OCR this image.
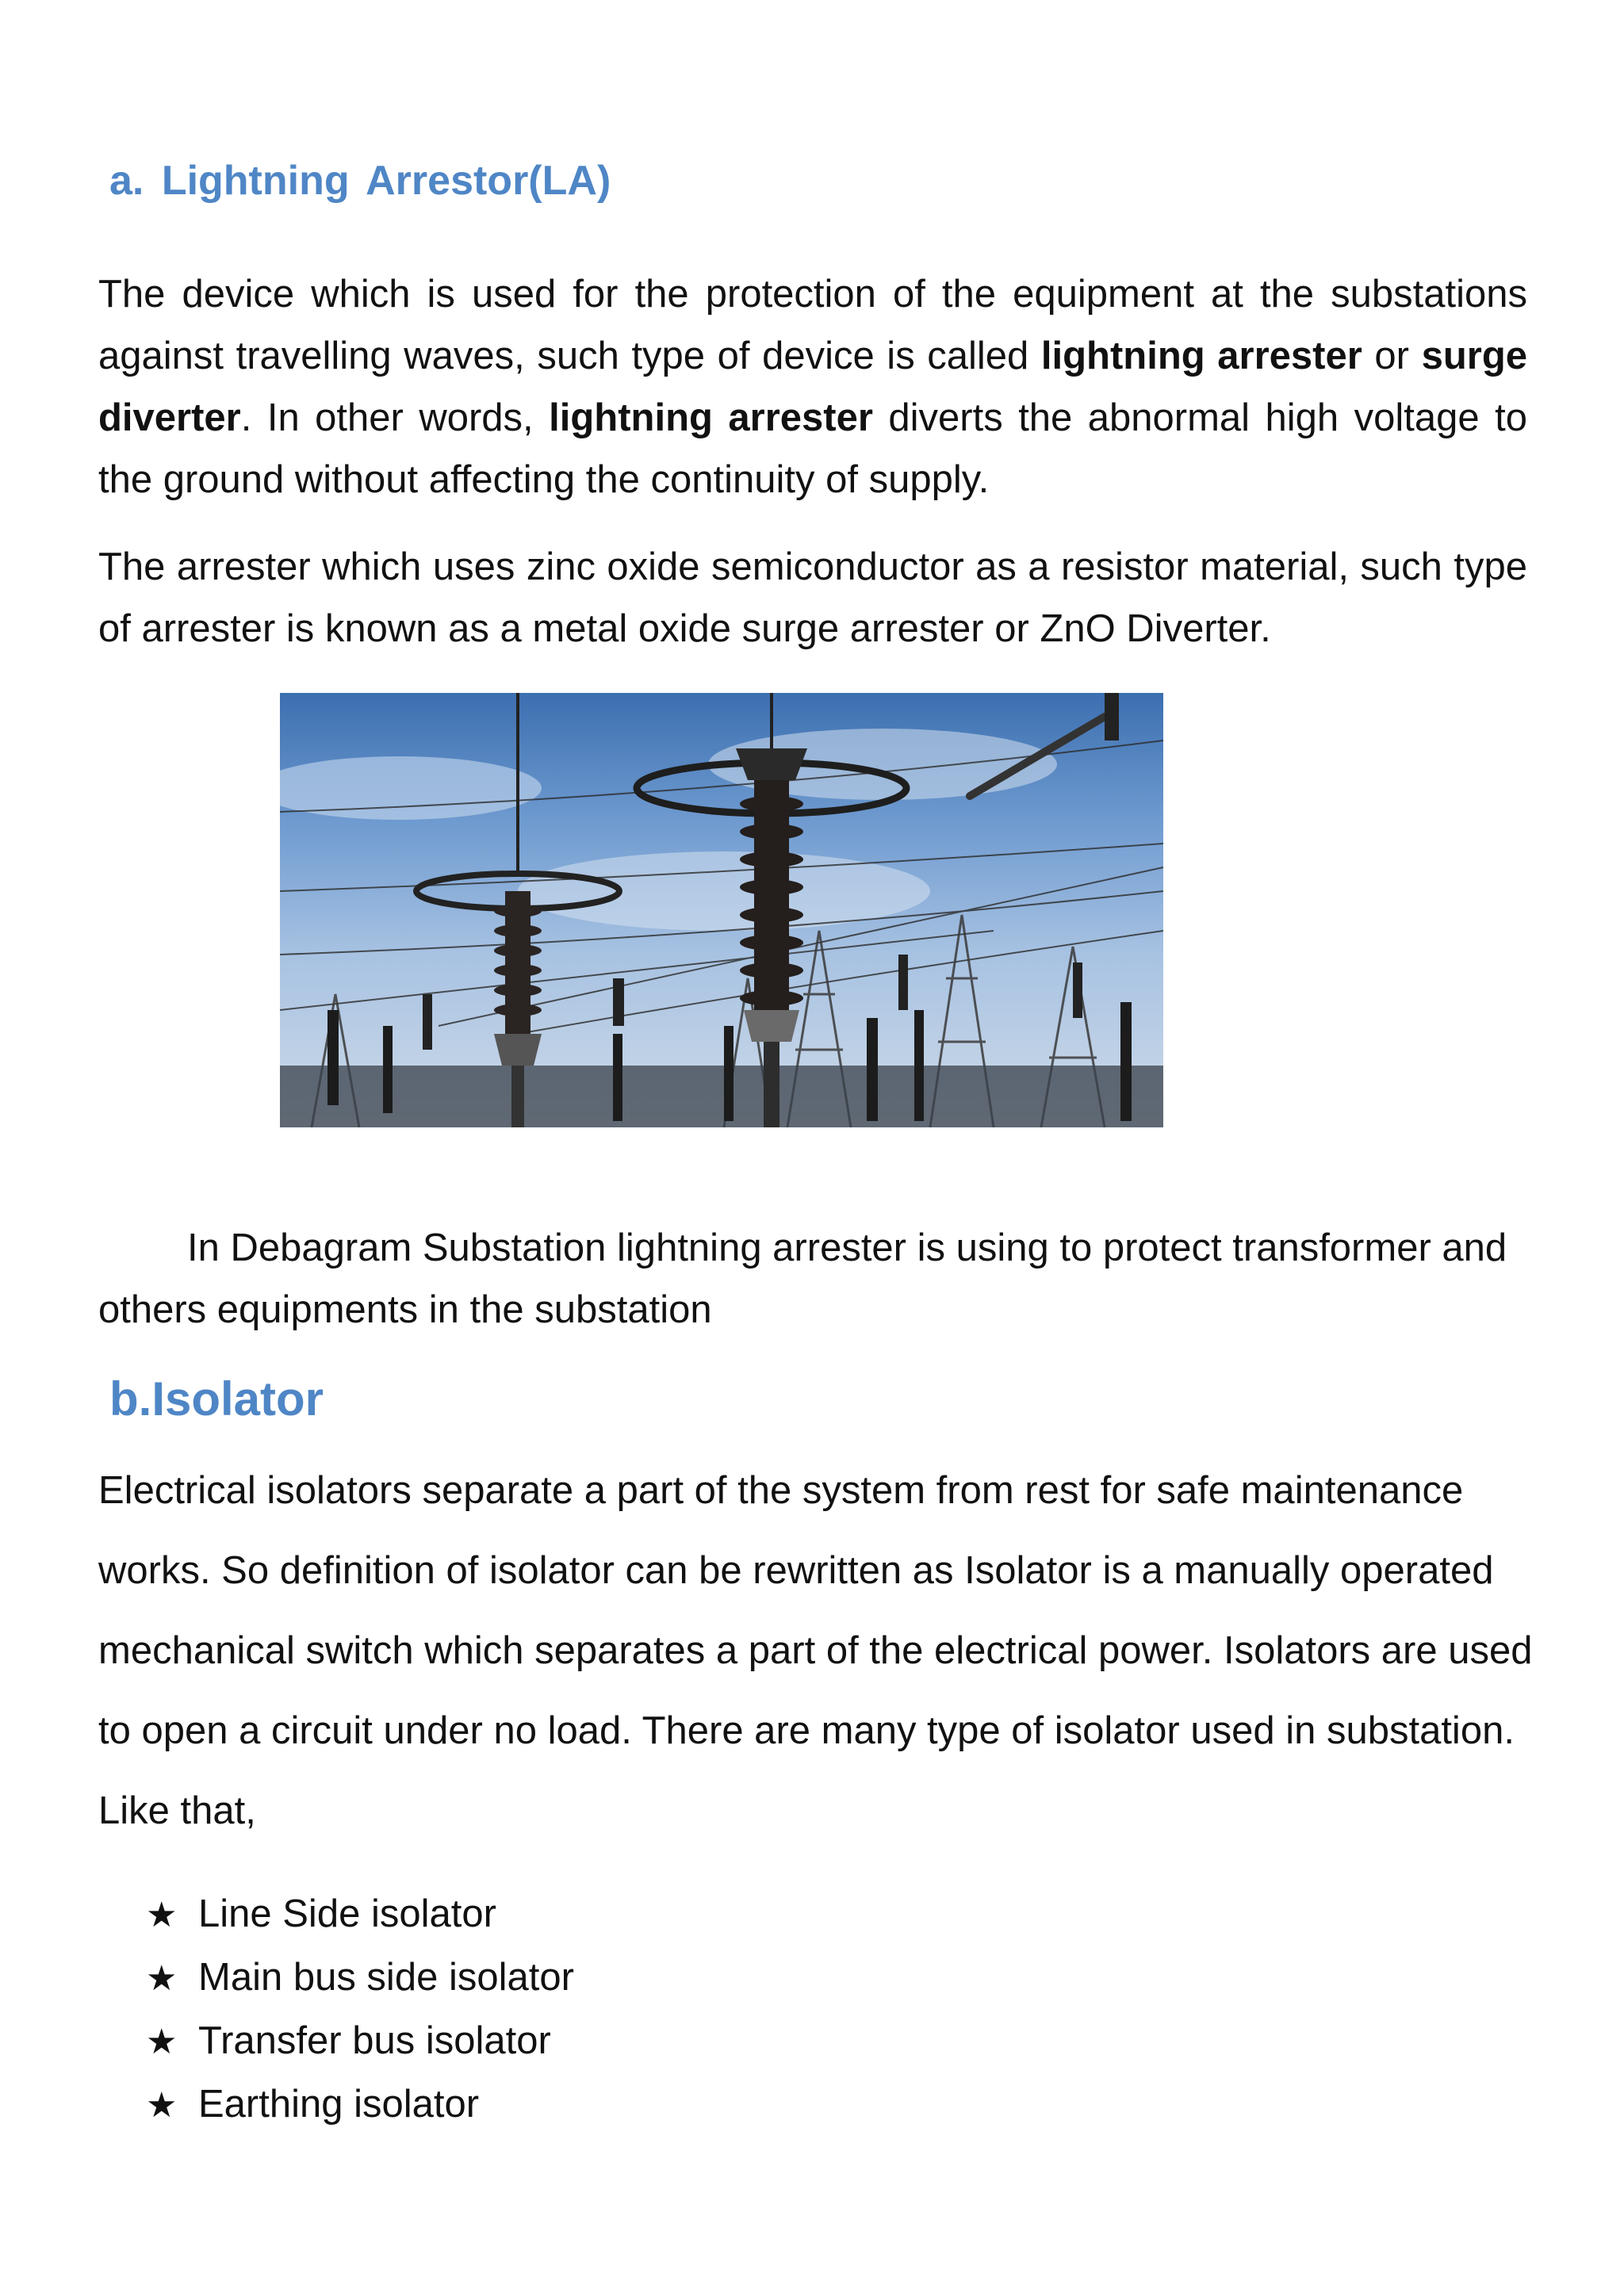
a. Lightning Arrestor(LA)

The device which is used for the protection of the equipment at the substations against travelling waves, such type of device is called lightning arrester or surge diverter. In other words, lightning arrester diverts the abnormal high voltage to the ground without affecting the continuity of supply.

The arrester which uses zinc oxide semiconductor as a resistor material, such type of arrester is known as a metal oxide surge arrester or ZnO Diverter.

In Debagram Substation lightning arrester is using to protect transformer and others equipments in the substation

b.Isolator

Electrical isolators separate a part of the system from rest for safe maintenance works. So definition of isolator can be rewritten as Isolator is a manually operated mechanical switch which separates a part of the electrical power. Isolators are used to open a circuit under no load. There are many type of isolator used in substation. Like that,

★ Line Side isolator
★ Main bus side isolator
★ Transfer bus isolator
★ Earthing isolator
